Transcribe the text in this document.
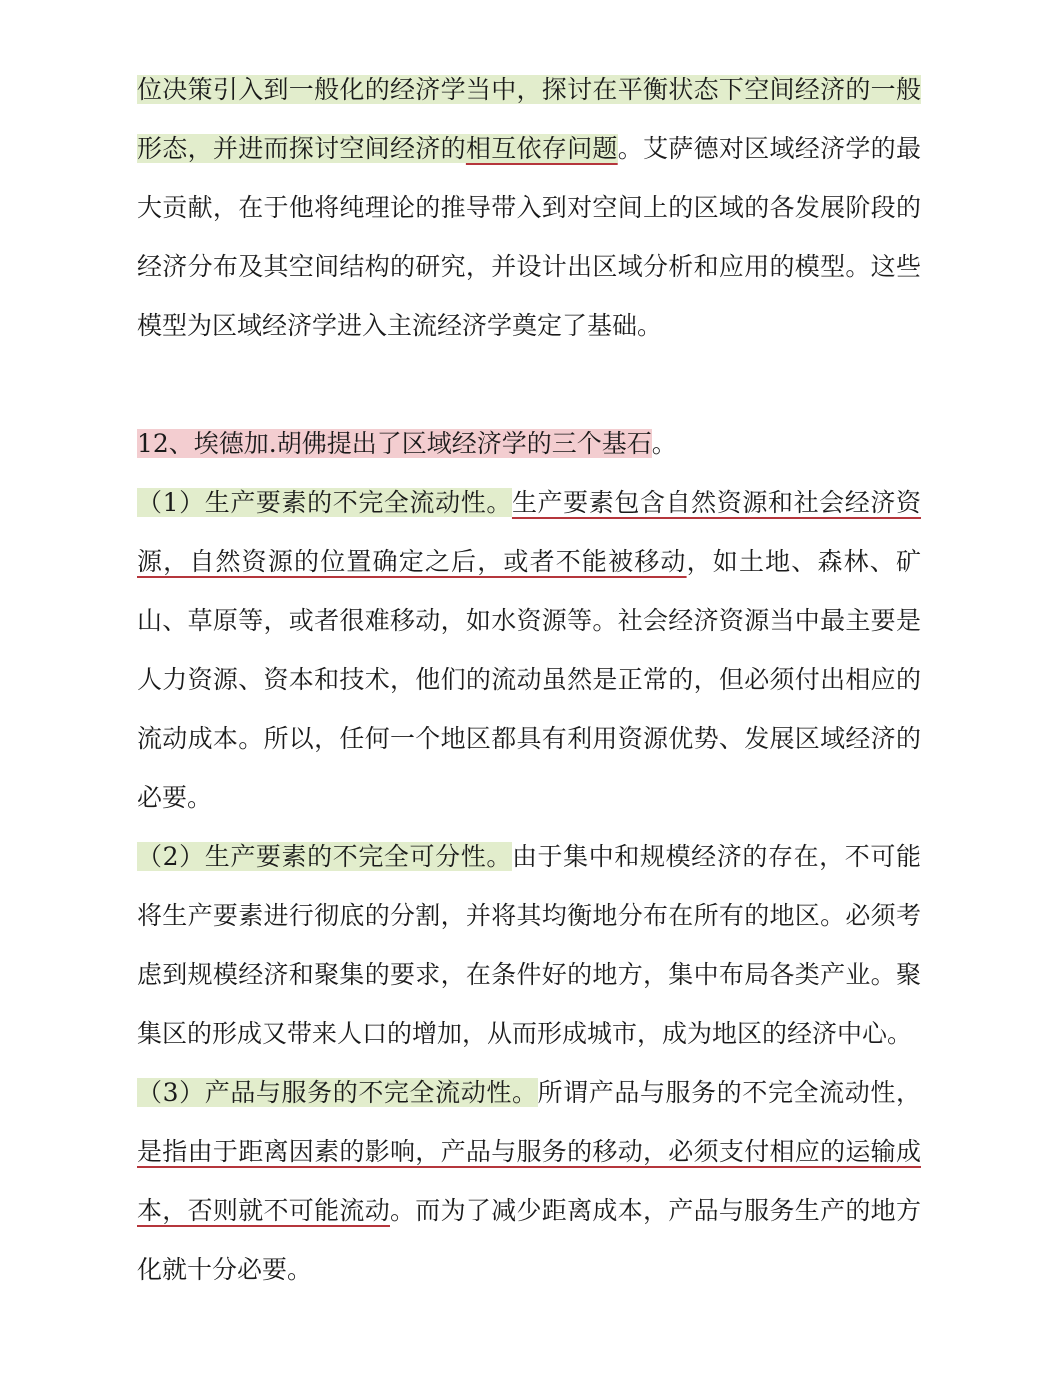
位决策引入到一般化的经济学当中，探讨在平衡状态下空间经济的一般形态，并进而探讨空间经济的相互依存问题。艾萨德对区域经济学的最大贡献，在于他将纯理论的推导带入到对空间上的区域的各发展阶段的经济分布及其空间结构的研究，并设计出区域分析和应用的模型。这些模型为区域经济学进入主流经济学奠定了基础。

12、埃德加.胡佛提出了区域经济学的三个基石。

（1）生产要素的不完全流动性。生产要素包含自然资源和社会经济资源，自然资源的位置确定之后，或者不能被移动，如土地、森林、矿山、草原等，或者很难移动，如水资源等。社会经济资源当中最主要是人力资源、资本和技术，他们的流动虽然是正常的，但必须付出相应的流动成本。所以，任何一个地区都具有利用资源优势、发展区域经济的必要。

（2）生产要素的不完全可分性。由于集中和规模经济的存在，不可能将生产要素进行彻底的分割，并将其均衡地分布在所有的地区。必须考虑到规模经济和聚集的要求，在条件好的地方，集中布局各类产业。聚集区的形成又带来人口的增加，从而形成城市，成为地区的经济中心。

（3）产品与服务的不完全流动性。所谓产品与服务的不完全流动性，是指由于距离因素的影响，产品与服务的移动，必须支付相应的运输成本，否则就不可能流动。而为了减少距离成本，产品与服务生产的地方化就十分必要。
